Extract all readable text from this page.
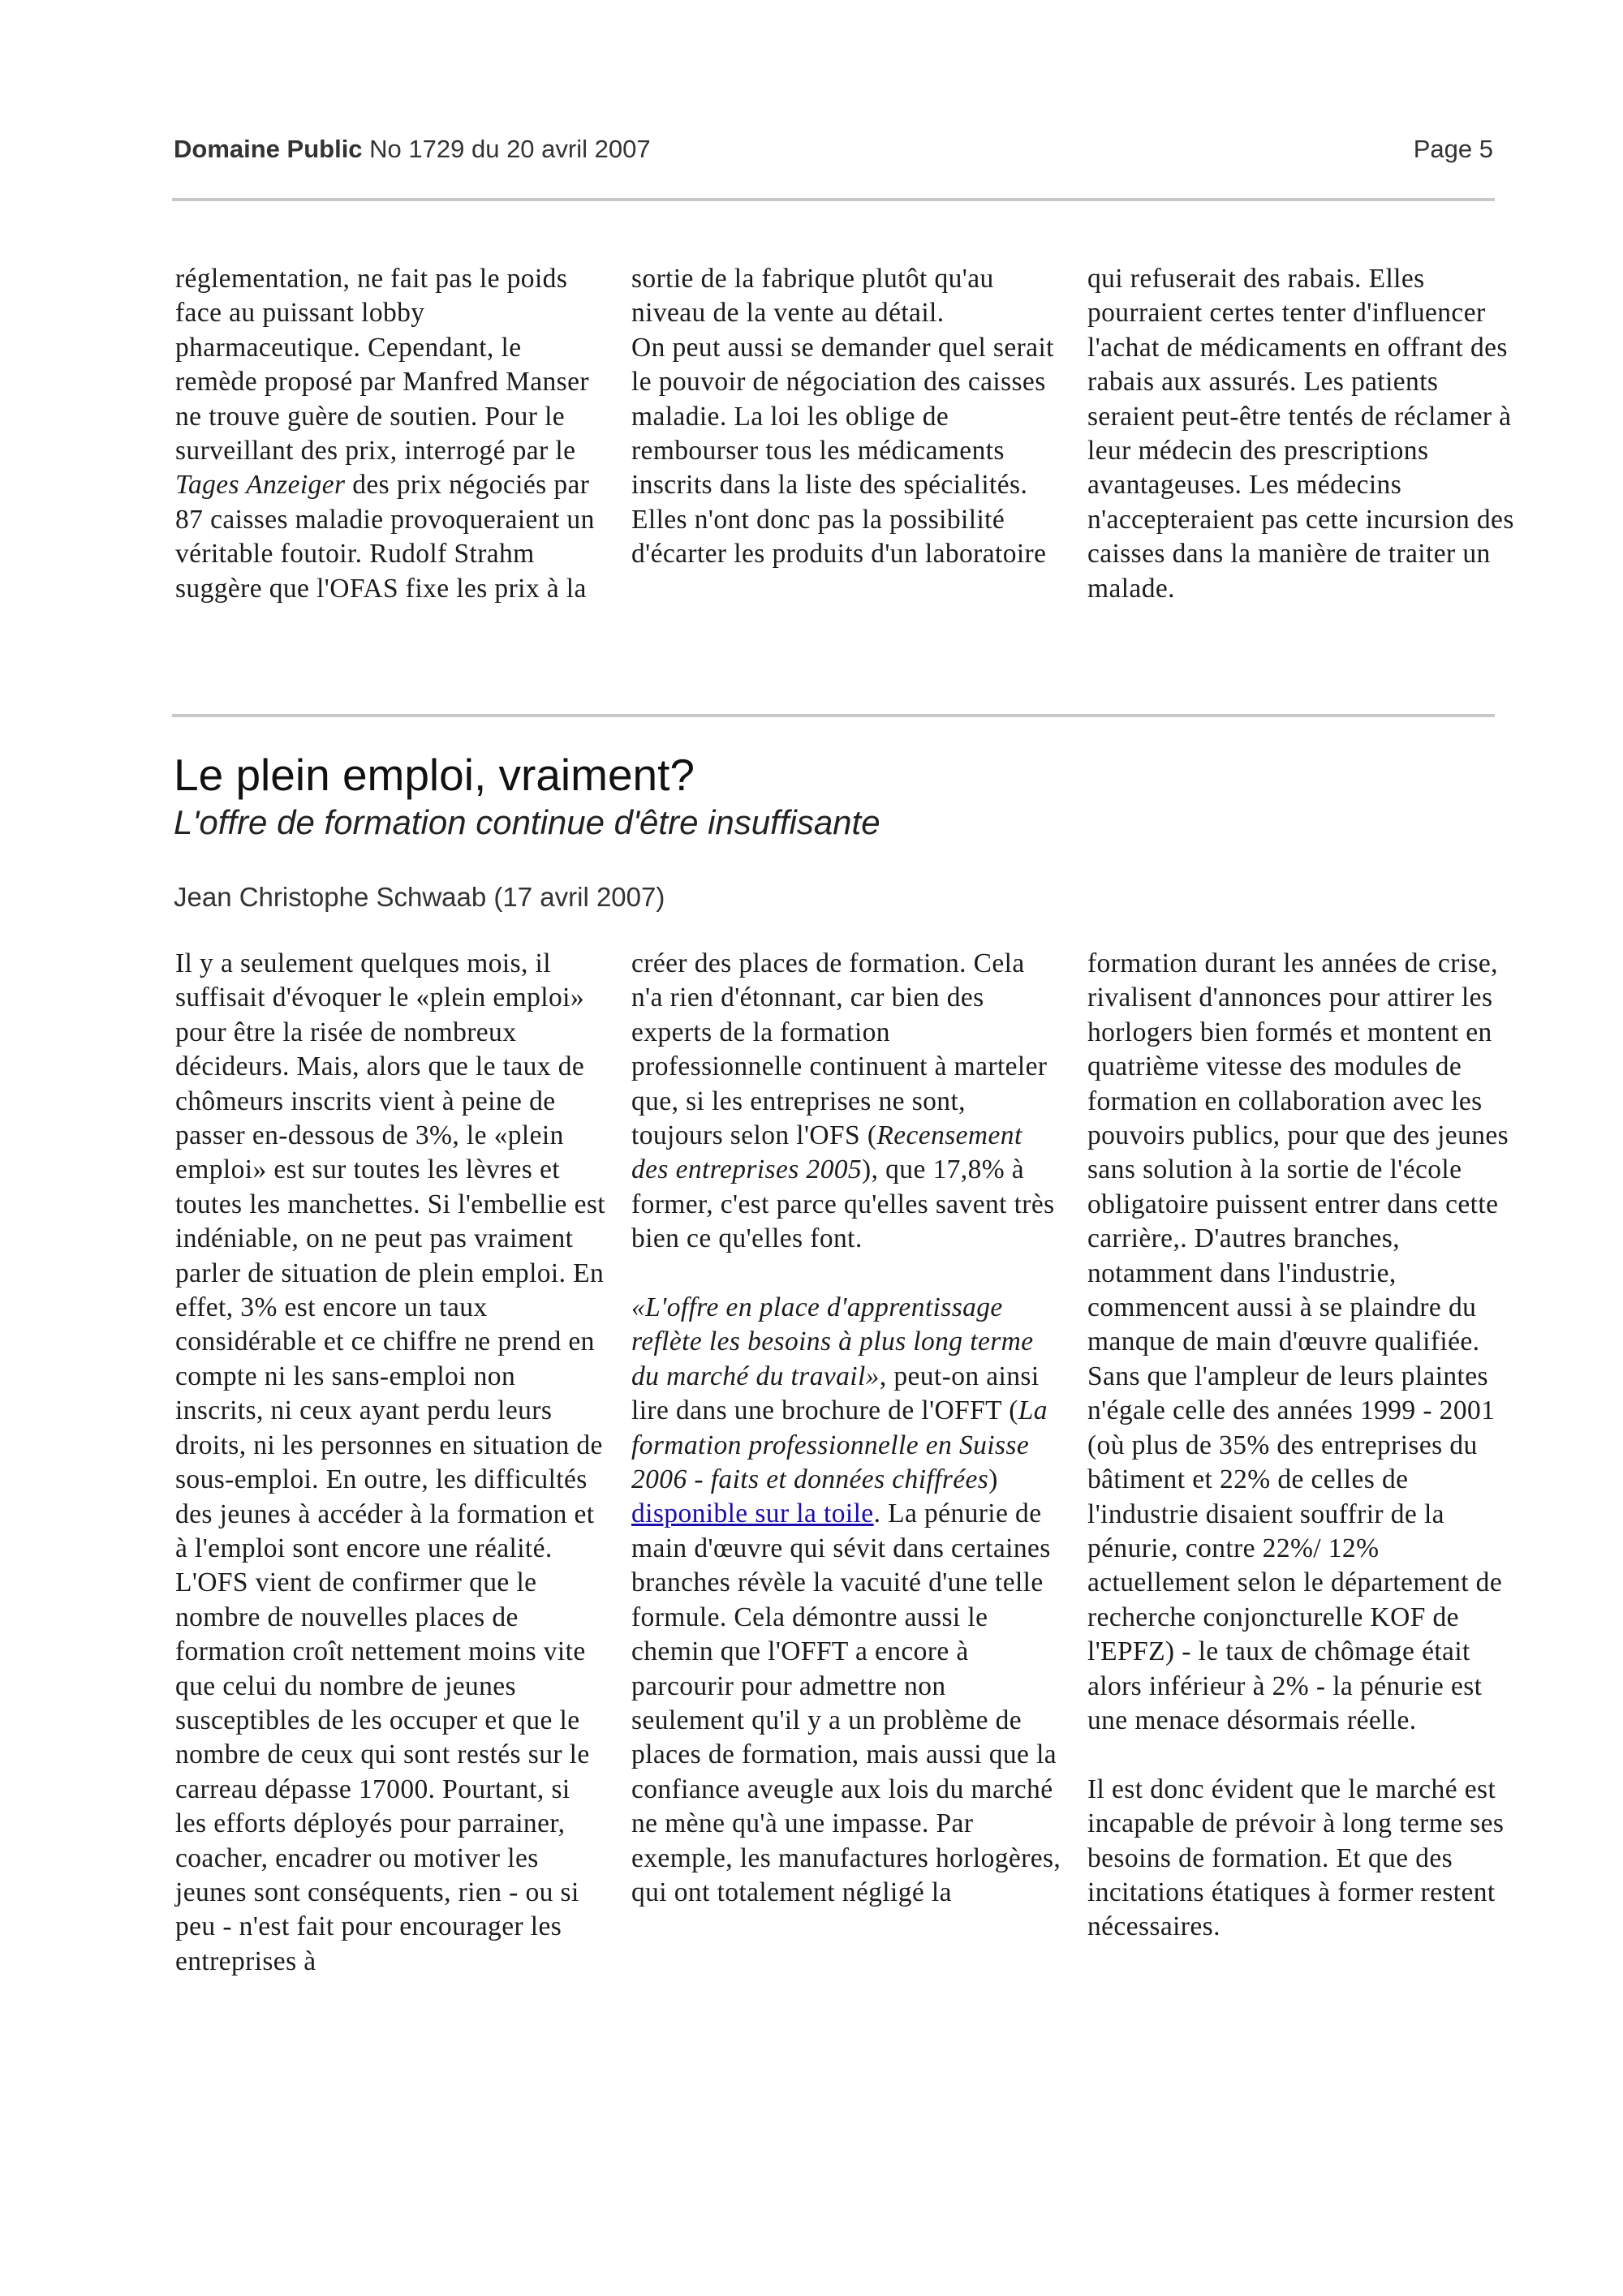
Domaine Public No 1729 du 20 avril 2007	Page 5

réglementation, ne fait pas le poids face au puissant lobby pharmaceutique. Cependant, le remède proposé par Manfred Manser ne trouve guère de soutien. Pour le surveillant des prix, interrogé par le Tages Anzeiger des prix négociés par 87 caisses maladie provoqueraient un véritable foutoir. Rudolf Strahm suggère que l'OFAS fixe les prix à la

sortie de la fabrique plutôt qu'au niveau de la vente au détail.

On peut aussi se demander quel serait le pouvoir de négociation des caisses maladie. La loi les oblige de rembourser tous les médicaments inscrits dans la liste des spécialités. Elles n'ont donc pas la possibilité d'écarter les produits d'un laboratoire

qui refuserait des rabais. Elles pourraient certes tenter d'influencer l'achat de médicaments en offrant des rabais aux assurés. Les patients seraient peut-être tentés de réclamer à leur médecin des prescriptions avantageuses. Les médecins n'accepteraient pas cette incursion des caisses dans la manière de traiter un malade.

Le plein emploi, vraiment?
L'offre de formation continue d'être insuffisante
Jean Christophe Schwaab (17 avril 2007)

Il y a seulement quelques mois, il suffisait d'évoquer le «plein emploi» pour être la risée de nombreux décideurs. Mais, alors que le taux de chômeurs inscrits vient à peine de passer en-dessous de 3%, le «plein emploi» est sur toutes les lèvres et toutes les manchettes. Si l'embellie est indéniable, on ne peut pas vraiment parler de situation de plein emploi. En effet, 3% est encore un taux considérable et ce chiffre ne prend en compte ni les sans-emploi non inscrits, ni ceux ayant perdu leurs droits, ni les personnes en situation de sous-emploi. En outre, les difficultés des jeunes à accéder à la formation et à l'emploi sont encore une réalité. L'OFS vient de confirmer que le nombre de nouvelles places de formation croît nettement moins vite que celui du nombre de jeunes susceptibles de les occuper et que le nombre de ceux qui sont restés sur le carreau dépasse 17000. Pourtant, si les efforts déployés pour parrainer, coacher, encadrer ou motiver les jeunes sont conséquents, rien - ou si peu - n'est fait pour encourager les entreprises à

créer des places de formation. Cela n'a rien d'étonnant, car bien des experts de la formation professionnelle continuent à marteler que, si les entreprises ne sont, toujours selon l'OFS (Recensement des entreprises 2005), que 17,8% à former, c'est parce qu'elles savent très bien ce qu'elles font.

«L'offre en place d'apprentissage reflète les besoins à plus long terme du marché du travail», peut-on ainsi lire dans une brochure de l'OFFT (La formation professionnelle en Suisse 2006 - faits et données chiffrées) disponible sur la toile. La pénurie de main d'œuvre qui sévit dans certaines branches révèle la vacuité d'une telle formule. Cela démontre aussi le chemin que l'OFFT a encore à parcourir pour admettre non seulement qu'il y a un problème de places de formation, mais aussi que la confiance aveugle aux lois du marché ne mène qu'à une impasse. Par exemple, les manufactures horlogères, qui ont totalement négligé la

formation durant les années de crise, rivalisent d'annonces pour attirer les horlogers bien formés et montent en quatrième vitesse des modules de formation en collaboration avec les pouvoirs publics, pour que des jeunes sans solution à la sortie de l'école obligatoire puissent entrer dans cette carrière,. D'autres branches, notamment dans l'industrie, commencent aussi à se plaindre du manque de main d'œuvre qualifiée. Sans que l'ampleur de leurs plaintes n'égale celle des années 1999 - 2001 (où plus de 35% des entreprises du bâtiment et 22% de celles de l'industrie disaient souffrir de la pénurie, contre 22%/ 12% actuellement selon le département de recherche conjoncturelle KOF de l'EPFZ) - le taux de chômage était alors inférieur à 2% - la pénurie est une menace désormais réelle.

Il est donc évident que le marché est incapable de prévoir à long terme ses besoins de formation. Et que des incitations étatiques à former restent nécessaires.
